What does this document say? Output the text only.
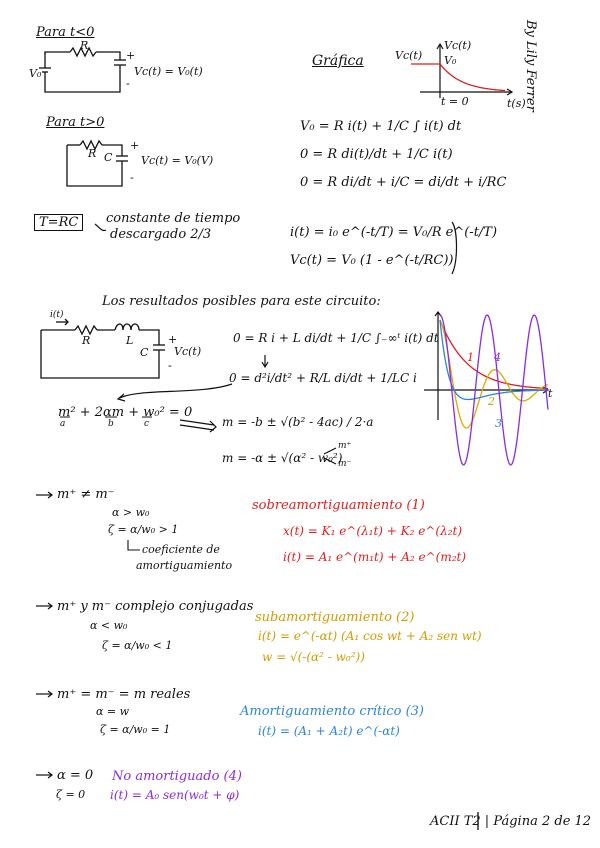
By Lily Ferrer
Para t<0
R
V₀
+
-
Vc(t) = V₀(t)
Gráfica
Vc(t)
Vc(t) V₀
t = 0	t(s)
Para t>0
R C
+
-
Vc(t) = V₀(V)
V₀ = R i(t) + 1/C ∫ i(t) dt
0 = R di(t)/dt + 1/C i(t)
0 = R di/dt + i/C = di/dt + i/RC
T=RC	constante de tiempo
descargado 2/3	i(t) = i₀ e^(-t/T) = V₀/R e^(-t/T)
Vc(t) = V₀ (1 - e^(-t/RC))
Los resultados posibles para este circuito:
i(t)
R	L
C
+
-
Vc(t)
0 = R i + L di/dt + 1/C ∫₋∞ᵗ i(t) dt
0 = d²i/dt² + R/L di/dt + 1/LC i
m² + 2αm + w₀² = 0
a	b	c	m = -b ± √(b² - 4ac) / 2·a
m = -α ± √(α² - w₀²)
m⁺
m⁻
t
1
2
3
4
m⁺ ≠ m⁻
α > w₀
ζ = α/w₀ > 1
coeficiente de
amortiguamiento
sobreamortiguamiento (1)
x(t) = K₁ e^(λ₁t) + K₂ e^(λ₂t)
i(t) = A₁ e^(m₁t) + A₂ e^(m₂t)
m⁺ y m⁻ complejo conjugadas
α < w₀
ζ = α/w₀ < 1
subamortiguamiento (2)
i(t) = e^(-αt) (A₁ cos wt + A₂ sen wt)
w = √(-(α² - w₀²))
m⁺ = m⁻ = m reales
α = w
ζ = α/w₀ = 1
Amortiguamiento crítico (3)
i(t) = (A₁ + A₂t) e^(-αt)
α = 0
ζ = 0
No amortiguado (4)
i(t) = A₀ sen(w₀t + φ)
ACII T2 | Página 2 de 12
